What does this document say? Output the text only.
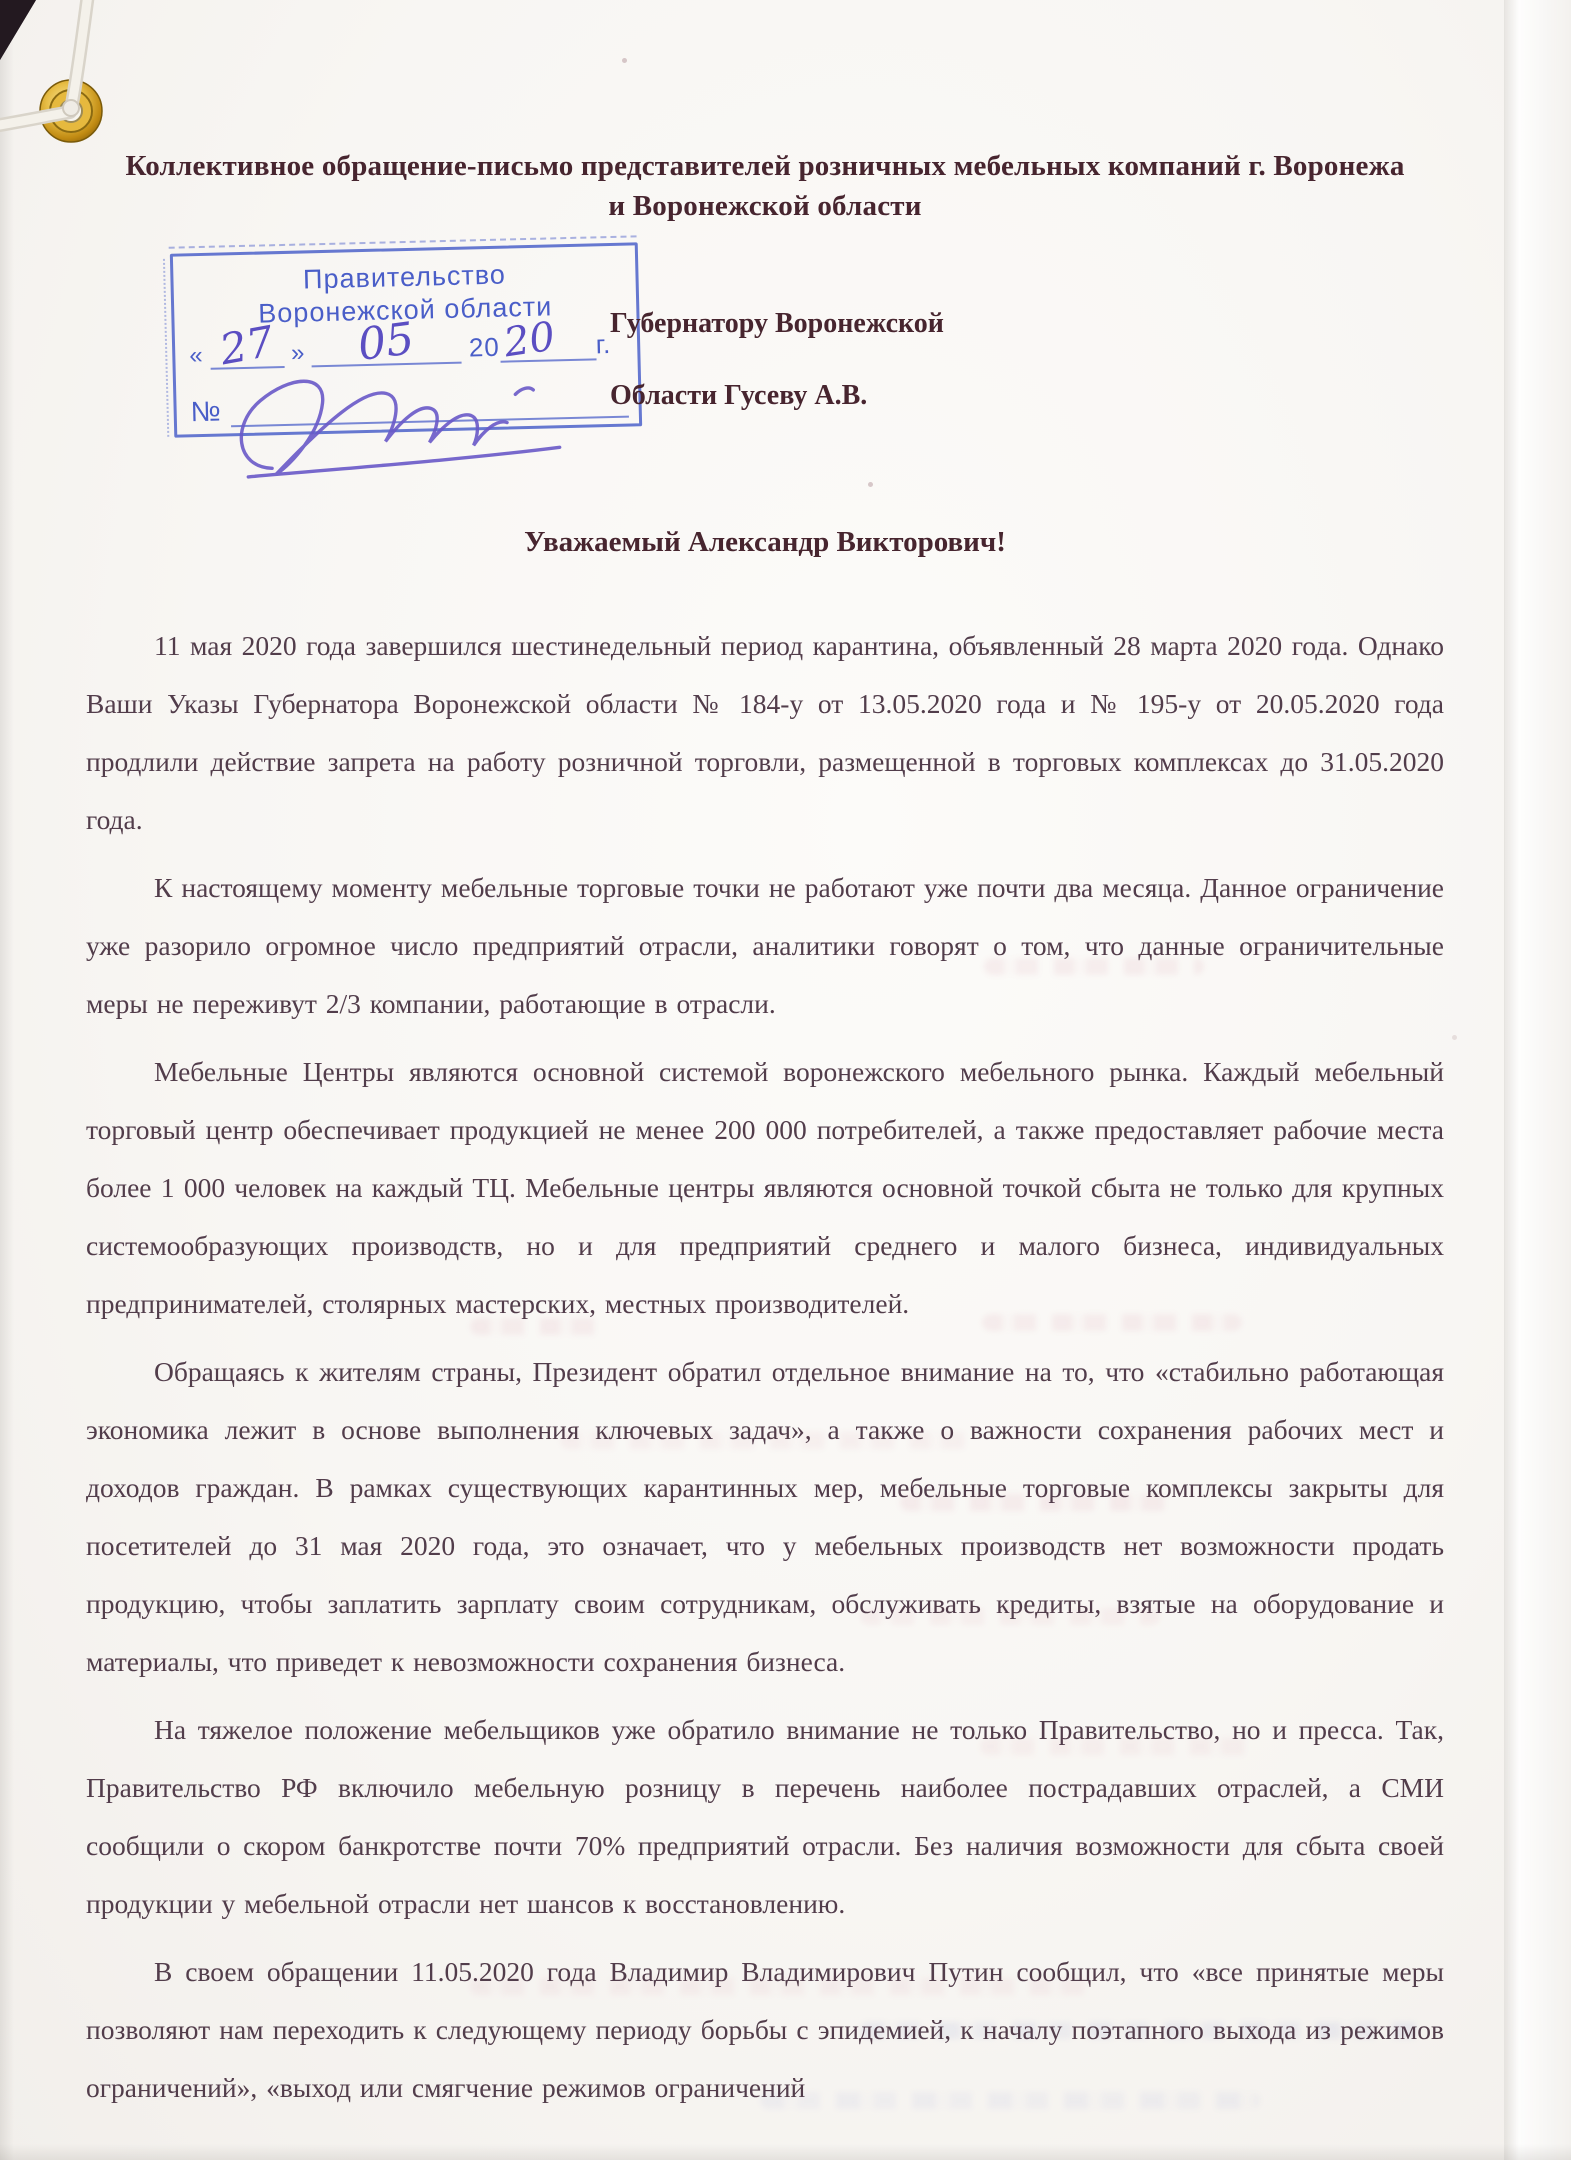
Коллективное обращение-письмо представителей розничных мебельных компаний г. Воронежа
и Воронежской области
Правительство
Воронежской области
« 27 » 05 2020 г.
№
Губернатору Воронежской
Области Гусеву А.В.
Уважаемый Александр Викторович!

11 мая 2020 года завершился шестинедельный период карантина, объявленный 28 марта 2020 года. Однако Ваши Указы Губернатора Воронежской области № 184-у от 13.05.2020 года и № 195-у от 20.05.2020 года продлили действие запрета на работу розничной торговли, размещенной в торговых комплексах до 31.05.2020 года.

К настоящему моменту мебельные торговые точки не работают уже почти два месяца. Данное ограничение уже разорило огромное число предприятий отрасли, аналитики говорят о том, что данные ограничительные меры не переживут 2/3 компании, работающие в отрасли.

Мебельные Центры являются основной системой воронежского мебельного рынка. Каждый мебельный торговый центр обеспечивает продукцией не менее 200 000 потребителей, а также предоставляет рабочие места более 1 000 человек на каждый ТЦ. Мебельные центры являются основной точкой сбыта не только для крупных системообразующих производств, но и для предприятий среднего и малого бизнеса, индивидуальных предпринимателей, столярных мастерских, местных производителей.

Обращаясь к жителям страны, Президент обратил отдельное внимание на то, что «стабильно работающая экономика лежит в основе выполнения ключевых задач», а также о важности сохранения рабочих мест и доходов граждан. В рамках существующих карантинных мер, мебельные торговые комплексы закрыты для посетителей до 31 мая 2020 года, это означает, что у мебельных производств нет возможности продать продукцию, чтобы заплатить зарплату своим сотрудникам, обслуживать кредиты, взятые на оборудование и материалы, что приведет к невозможности сохранения бизнеса.

На тяжелое положение мебельщиков уже обратило внимание не только Правительство, но и пресса. Так, Правительство РФ включило мебельную розницу в перечень наиболее пострадавших отраслей, а СМИ сообщили о скором банкротстве почти 70% предприятий отрасли. Без наличия возможности для сбыта своей продукции у мебельной отрасли нет шансов к восстановлению.

В своем обращении 11.05.2020 года Владимир Владимирович Путин сообщил, что «все принятые меры позволяют нам переходить к следующему периоду борьбы с эпидемией, к началу поэтапного выхода из режимов ограничений», «выход или смягчение режимов ограничений
